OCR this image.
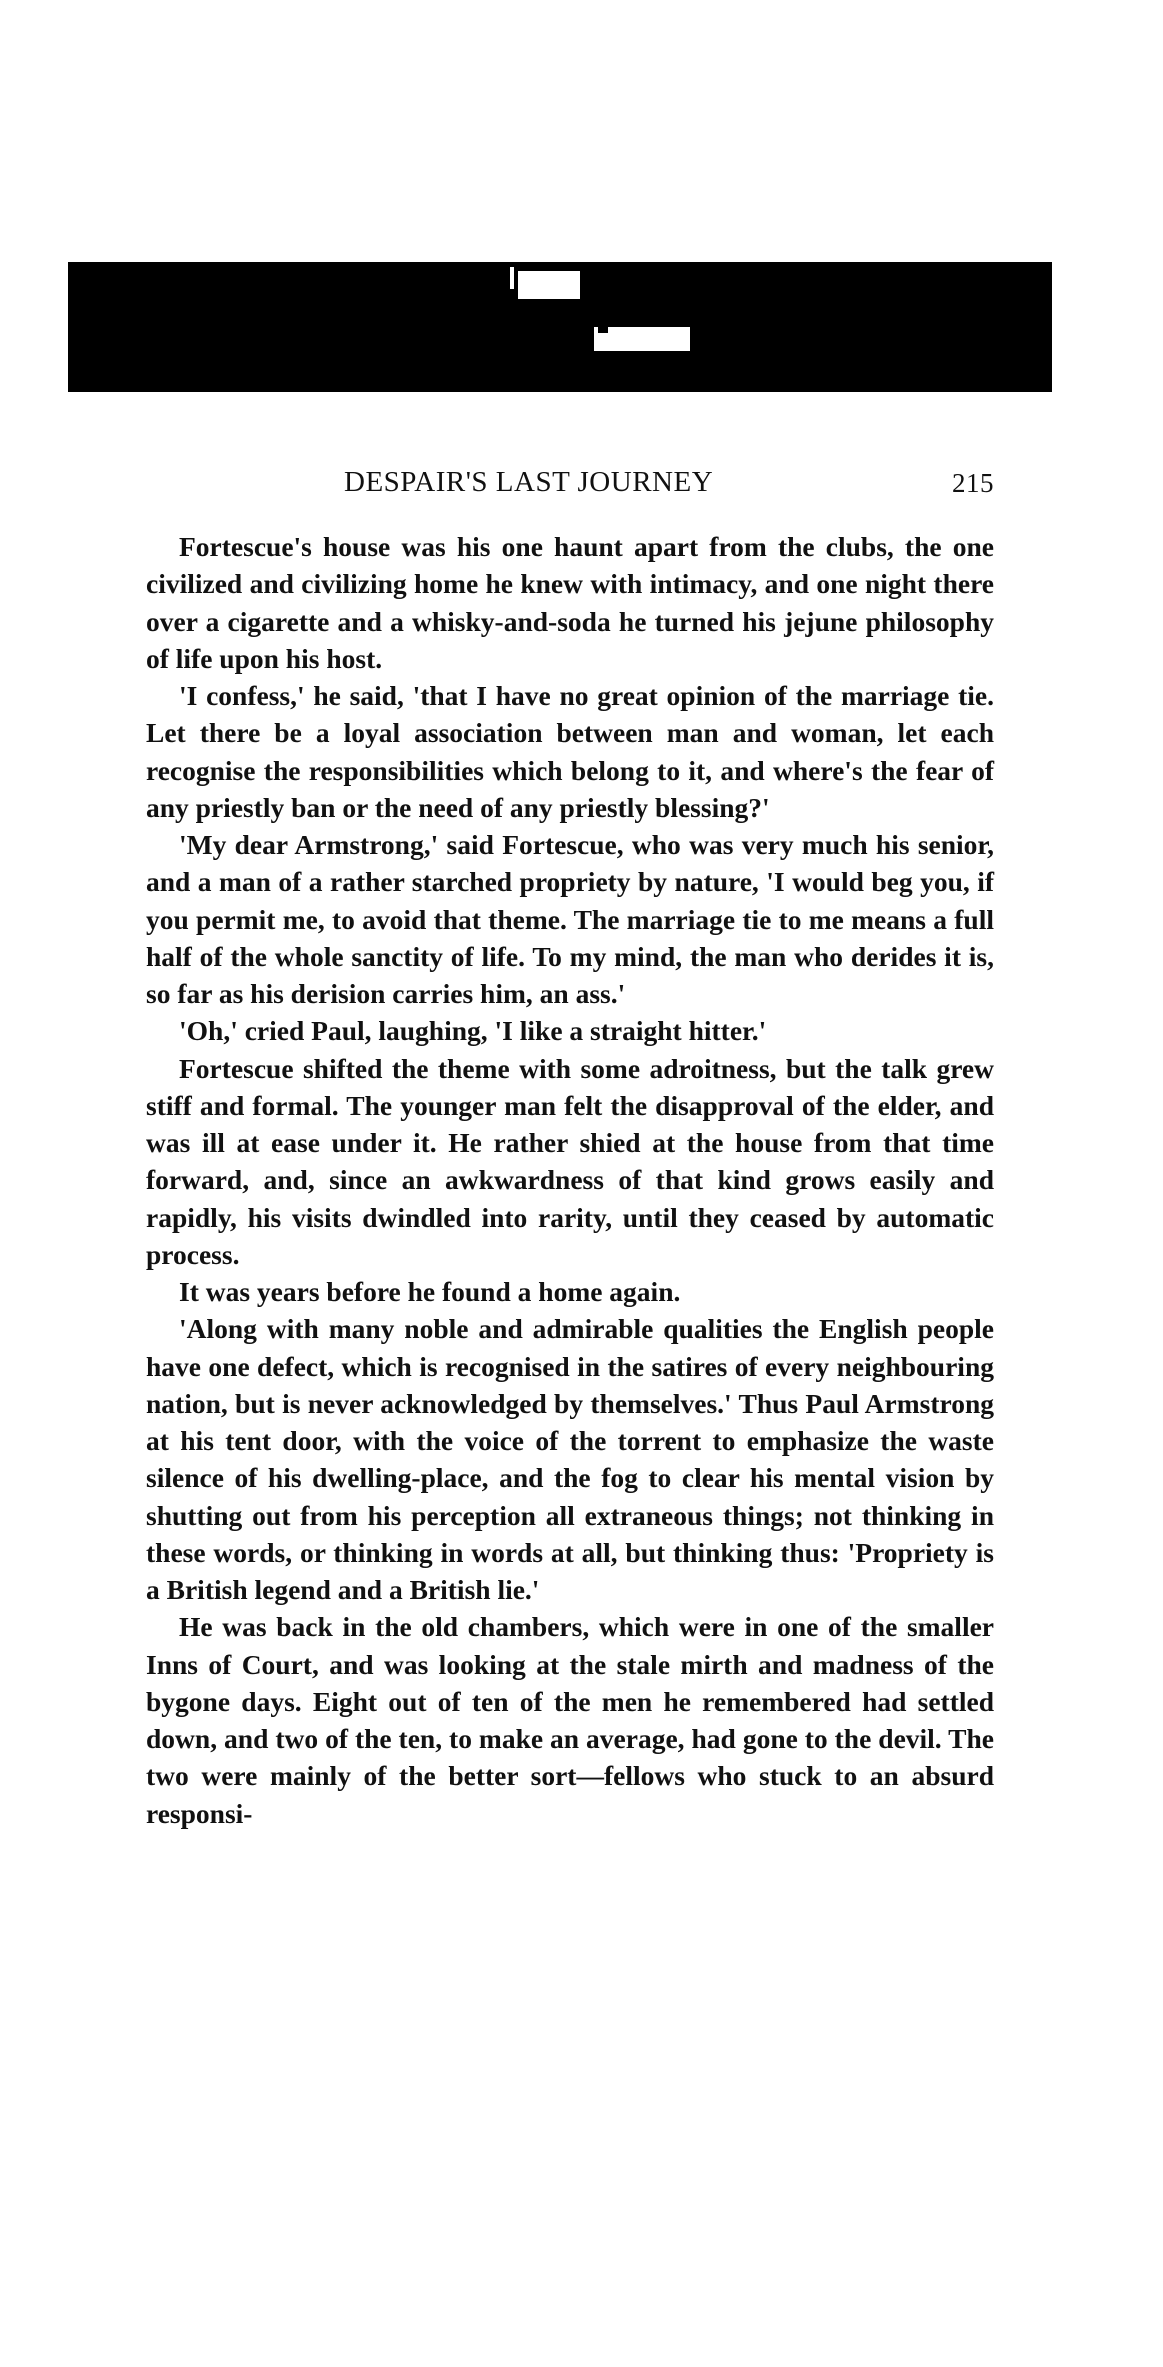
DESPAIR'S LAST JOURNEY	215

Fortescue's house was his one haunt apart from the clubs, the one civilized and civilizing home he knew with intimacy, and one night there over a cigarette and a whisky-and-soda he turned his jejune philosophy of life upon his host.

'I confess,' he said, 'that I have no great opinion of the marriage tie. Let there be a loyal association between man and woman, let each recognise the responsibilities which belong to it, and where's the fear of any priestly ban or the need of any priestly blessing?'

'My dear Armstrong,' said Fortescue, who was very much his senior, and a man of a rather starched propriety by nature, 'I would beg you, if you permit me, to avoid that theme. The marriage tie to me means a full half of the whole sanctity of life. To my mind, the man who derides it is, so far as his derision carries him, an ass.'

'Oh,' cried Paul, laughing, 'I like a straight hitter.'

Fortescue shifted the theme with some adroitness, but the talk grew stiff and formal. The younger man felt the disapproval of the elder, and was ill at ease under it. He rather shied at the house from that time forward, and, since an awkwardness of that kind grows easily and rapidly, his visits dwindled into rarity, until they ceased by automatic process.

It was years before he found a home again.

'Along with many noble and admirable qualities the English people have one defect, which is recognised in the satires of every neighbouring nation, but is never acknowledged by themselves.' Thus Paul Armstrong at his tent door, with the voice of the torrent to emphasize the waste silence of his dwelling-place, and the fog to clear his mental vision by shutting out from his perception all extraneous things; not thinking in these words, or thinking in words at all, but thinking thus: 'Propriety is a British legend and a British lie.'

He was back in the old chambers, which were in one of the smaller Inns of Court, and was looking at the stale mirth and madness of the bygone days. Eight out of ten of the men he remembered had settled down, and two of the ten, to make an average, had gone to the devil. The two were mainly of the better sort—fellows who stuck to an absurd responsi-
